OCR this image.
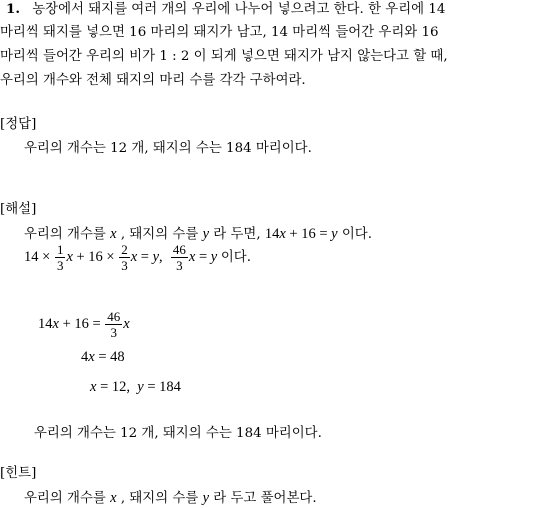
1. 농장에서 돼지를 여러 개의 우리에 나누어 넣으려고 한다. 한 우리에 14
마리씩 돼지를 넣으면 16 마리의 돼지가 남고, 14 마리씩 들어간 우리와 16
마리씩 들어간 우리의 비가 1 : 2 이 되게 넣으면 돼지가 남지 않는다고 할 때,
우리의 개수와 전체 돼지의 마리 수를 각각 구하여라.
[정답]
우리의 개수는 12 개, 돼지의 수는 184 마리이다.
[해설]
우리의 개수를 x , 돼지의 수를 y 라 두면, 14x + 16 = y 이다.
$14 \times \frac{1}{3}$ $x + 16 \times \frac{2}{3}$ x = y, $\frac{46}{3}$ x = y 이다.
$14x + 16 = \frac{46}{3}$ x
4x = 48
x = 12, y = 184
우리의 개수는 12 개, 돼지의 수는 184 마리이다.
[힌트]
우리의 개수를 x , 돼지의 수를 y 라 두고 풀어본다.
